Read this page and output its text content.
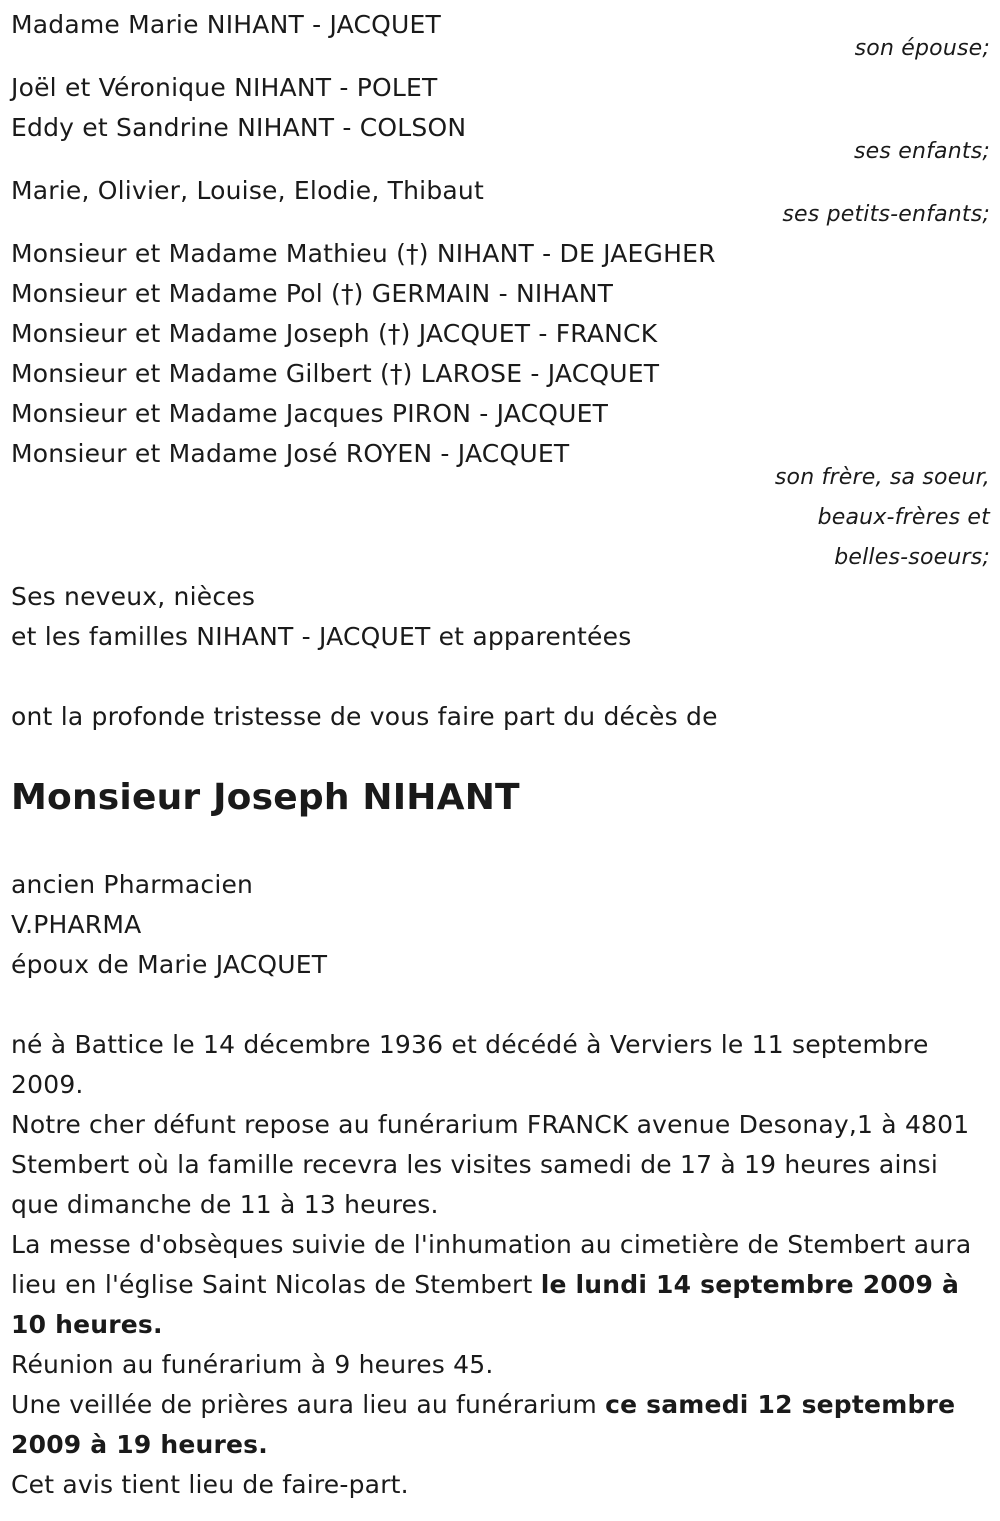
Madame Marie NIHANT - JACQUET
son épouse;
Joël et Véronique NIHANT - POLET
Eddy et Sandrine NIHANT - COLSON
ses enfants;
Marie, Olivier, Louise, Elodie, Thibaut
ses petits-enfants;
Monsieur et Madame Mathieu (†) NIHANT - DE JAEGHER
Monsieur et Madame Pol (†) GERMAIN - NIHANT
Monsieur et Madame Joseph (†) JACQUET - FRANCK
Monsieur et Madame Gilbert (†) LAROSE - JACQUET
Monsieur et Madame Jacques PIRON - JACQUET
Monsieur et Madame José ROYEN - JACQUET
son frère, sa soeur,
beaux-frères et
belles-soeurs;
Ses neveux, nièces
et les familles NIHANT - JACQUET et apparentées
ont la profonde tristesse de vous faire part du décès de
Monsieur Joseph NIHANT
ancien Pharmacien
V.PHARMA
époux de Marie JACQUET
né à Battice le 14 décembre 1936 et décédé à Verviers le 11 septembre 2009.
Notre cher défunt repose au funérarium FRANCK avenue Desonay,1 à 4801 Stembert où la famille recevra les visites samedi de 17 à 19 heures ainsi que dimanche de 11 à 13 heures.
La messe d'obsèques suivie de l'inhumation au cimetière de Stembert aura lieu en l'église Saint Nicolas de Stembert le lundi 14 septembre 2009 à 10 heures.
Réunion au funérarium à 9 heures 45.
Une veillée de prières aura lieu au funérarium ce samedi 12 septembre 2009 à 19 heures.
Cet avis tient lieu de faire-part.
